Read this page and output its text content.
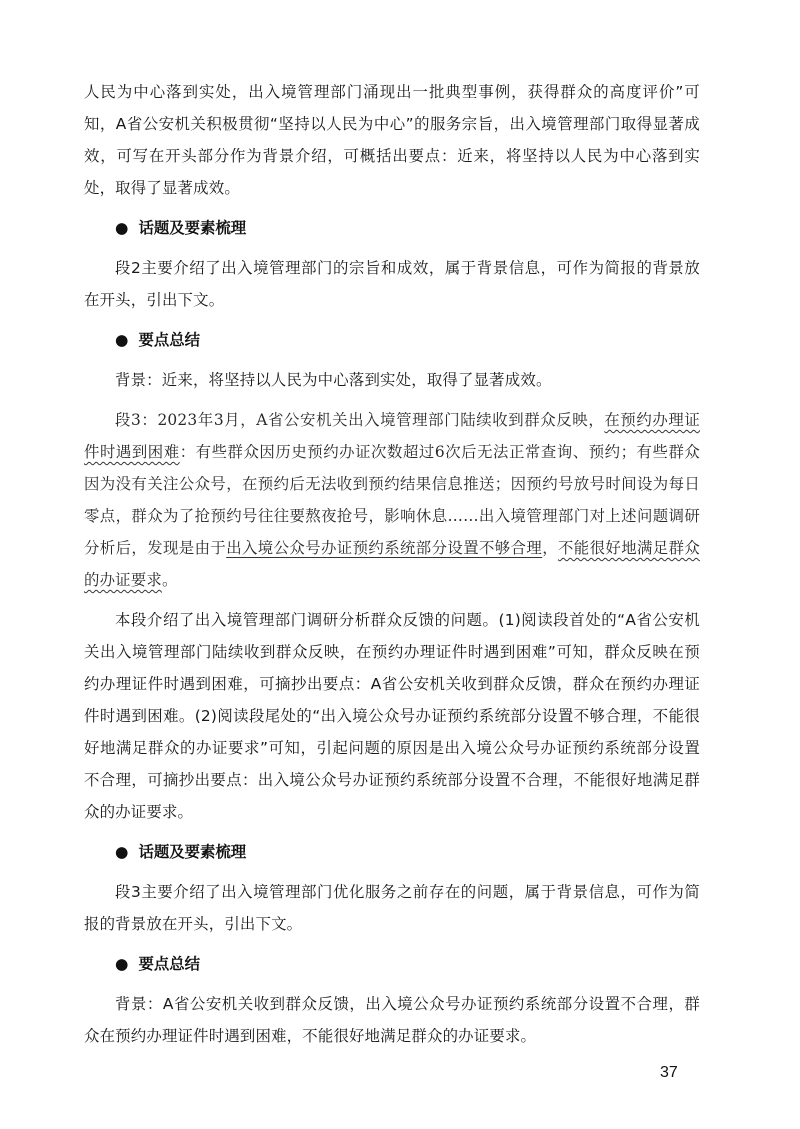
人民为中心落到实处，出入境管理部门涌现出一批典型事例，获得群众的高度评价”可知，A省公安机关积极贯彻“坚持以人民为中心”的服务宗旨，出入境管理部门取得显著成效，可写在开头部分作为背景介绍，可概括出要点：近来，将坚持以人民为中心落到实处，取得了显著成效。

● 话题及要素梳理

段2主要介绍了出入境管理部门的宗旨和成效，属于背景信息，可作为简报的背景放在开头，引出下文。

● 要点总结

背景：近来，将坚持以人民为中心落到实处，取得了显著成效。

段3：2023年3月，A省公安机关出入境管理部门陆续收到群众反映，在预约办理证件时遇到困难：有些群众因历史预约办证次数超过6次后无法正常查询、预约；有些群众因为没有关注公众号，在预约后无法收到预约结果信息推送；因预约号放号时间设为每日零点，群众为了抢预约号往往要熬夜抢号，影响休息……出入境管理部门对上述问题调研分析后，发现是由于出入境公众号办证预约系统部分设置不够合理，不能很好地满足群众的办证要求。

本段介绍了出入境管理部门调研分析群众反馈的问题。(1)阅读段首处的“A省公安机关出入境管理部门陆续收到群众反映，在预约办理证件时遇到困难”可知，群众反映在预约办理证件时遇到困难，可摘抄出要点：A省公安机关收到群众反馈，群众在预约办理证件时遇到困难。(2)阅读段尾处的“出入境公众号办证预约系统部分设置不够合理，不能很好地满足群众的办证要求”可知，引起问题的原因是出入境公众号办证预约系统部分设置不合理，可摘抄出要点：出入境公众号办证预约系统部分设置不合理，不能很好地满足群众的办证要求。

● 话题及要素梳理

段3主要介绍了出入境管理部门优化服务之前存在的问题，属于背景信息，可作为简报的背景放在开头，引出下文。

● 要点总结

背景：A省公安机关收到群众反馈，出入境公众号办证预约系统部分设置不合理，群众在预约办理证件时遇到困难，不能很好地满足群众的办证要求。

37
